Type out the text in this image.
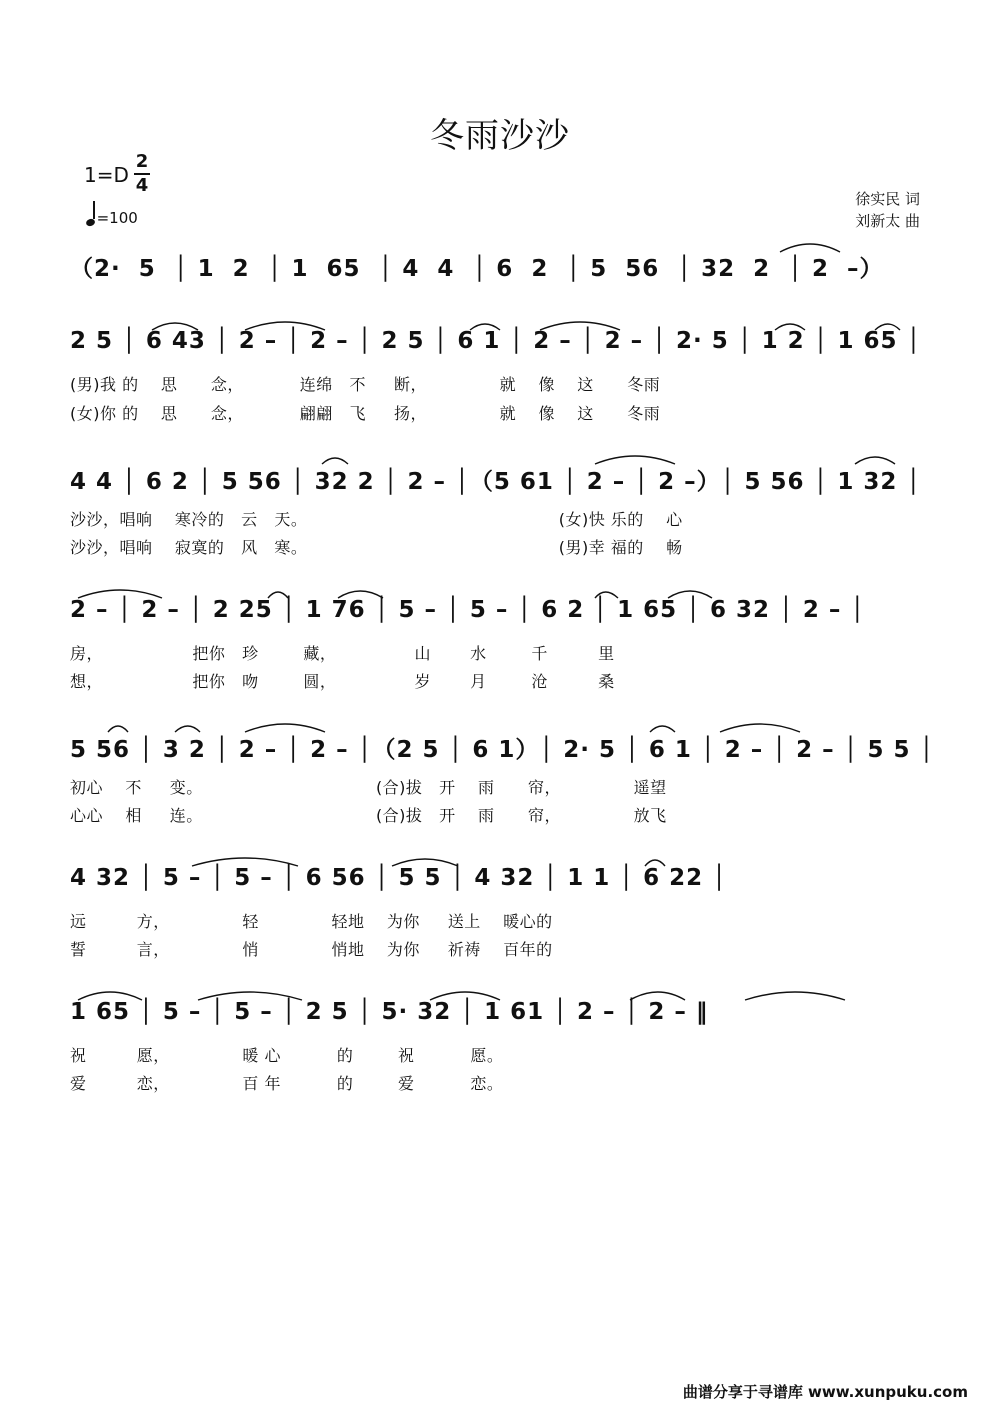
冬雨沙沙
1=D
2
4
=100
徐实民 词
刘新太 曲
（2·  5  │ 1  2  │ 1  65  │ 4  4  │ 6  2  │ 5  56  │ 32  2  │ 2  –）
2 5 │ 6 43 │ 2 – │ 2 – │ 2 5 │ 6 1 │ 2 – │ 2 – │ 2· 5 │ 1 2 │ 1 65 │
(男)我 的    思      念，          连绵   不     断，             就    像    这      冬雨
(女)你 的    思      念，          翩翩   飞     扬，             就    像    这      冬雨
4 4 │ 6 2 │ 5 56 │ 32 2 │ 2 – │（5 61 │ 2 – │ 2 –）│ 5 56 │ 1 32 │
沙沙，唱响    寒冷的   云   天。                                             (女)快 乐的    心
沙沙，唱响    寂寞的   风   寒。                                             (男)幸 福的    畅
2 – │ 2 – │ 2 25 │ 1 76 │ 5 – │ 5 – │ 6 2 │ 1 65 │ 6 32 │ 2 – │
房，                把你   珍        藏，              山       水        千         里
想，                把你   吻        圆，              岁       月        沧         桑
5 56 │ 3 2 │ 2 – │ 2 – │（2 5 │ 6 1）│ 2· 5 │ 6 1 │ 2 – │ 2 – │ 5 5 │
初心    不     变。                               (合)拔   开    雨      帘，             遥望
心心    相     连。                               (合)拔   开    雨      帘，             放飞
4 32 │ 5 – │ 5 – │ 6 56 │ 5 5 │ 4 32 │ 1 1 │ 6 22 │
远         方，             轻             轻地    为你     送上    暖心的
誓         言，             悄             悄地    为你     祈祷    百年的
1 65 │ 5 – │ 5 – │ 2 5 │ 5· 32 │ 1 61 │ 2 – │ 2 – ‖
祝         愿，             暖 心          的        祝          愿。
爱         恋，             百 年          的        爱          恋。
曲谱分享于寻谱库 www.xunpuku.com
